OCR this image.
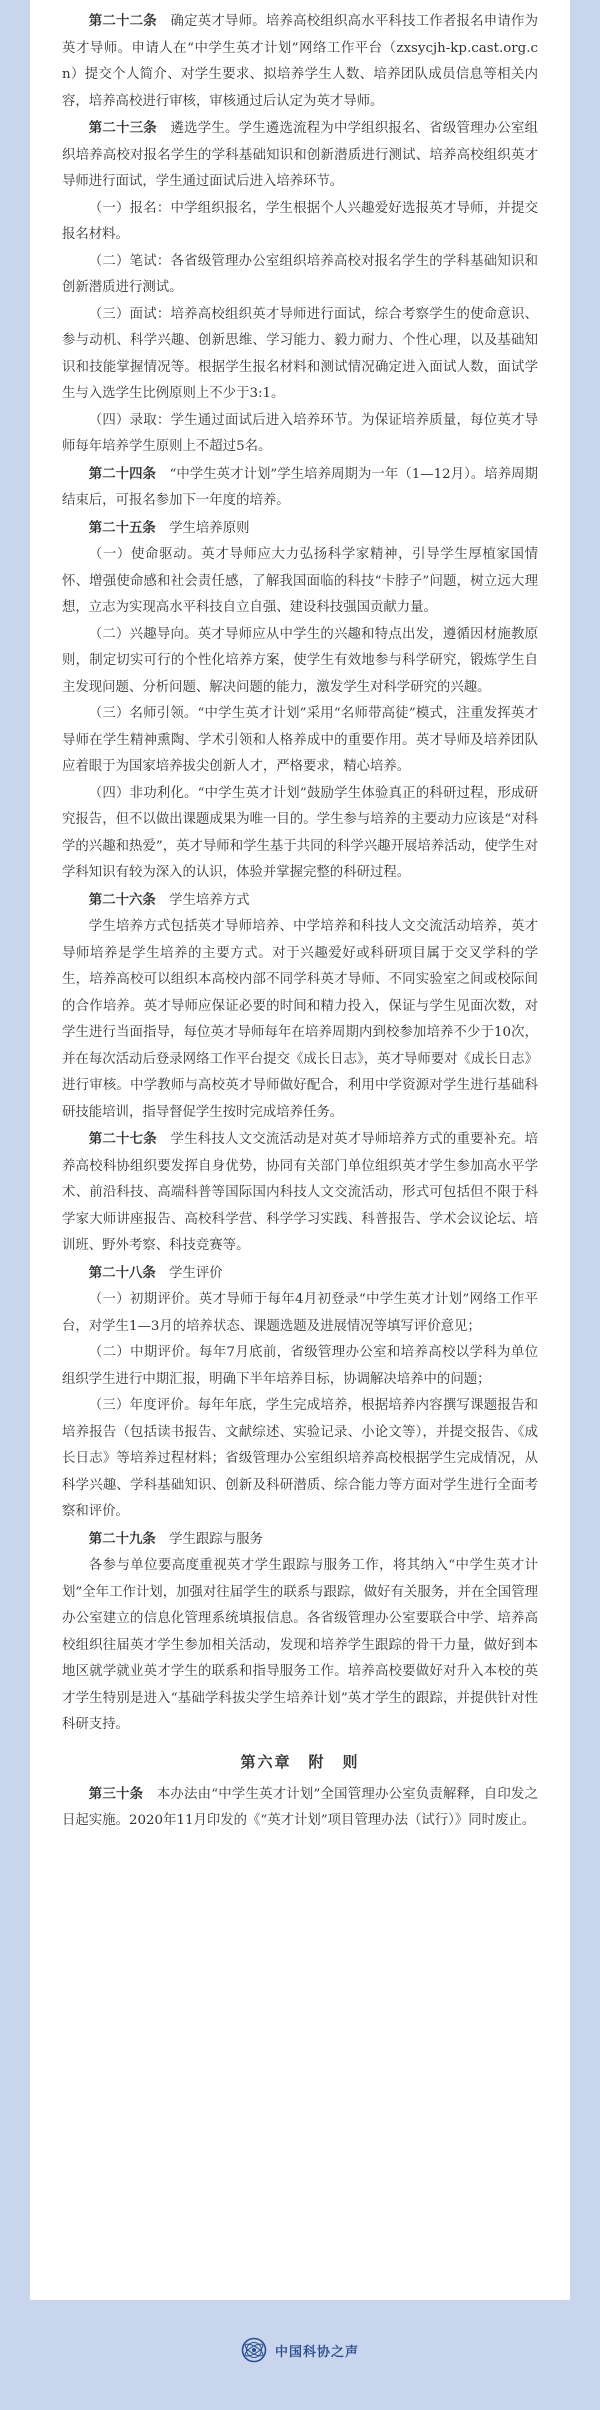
第二十二条　 确定英才导师。培养高校组织高水平科技工作者报名申请作为英才导师。申请人在“中学生英才计划”网络工作平台（zxsycjh-kp.cast.org.cn）提交个人简介、对学生要求、拟培养学生人数、培养团队成员信息等相关内容，培养高校进行审核，审核通过后认定为英才导师。

第二十三条　 遴选学生。学生遴选流程为中学组织报名、省级管理办公室组织培养高校对报名学生的学科基础知识和创新潜质进行测试、培养高校组织英才导师进行面试，学生通过面试后进入培养环节。

（一）报名：中学组织报名，学生根据个人兴趣爱好选报英才导师，并提交报名材料。

（二）笔试：各省级管理办公室组织培养高校对报名学生的学科基础知识和创新潜质进行测试。

（三）面试：培养高校组织英才导师进行面试，综合考察学生的使命意识、参与动机、科学兴趣、创新思维、学习能力、毅力耐力、个性心理，以及基础知识和技能掌握情况等。根据学生报名材料和测试情况确定进入面试人数，面试学生与入选学生比例原则上不少于3:1。

（四）录取：学生通过面试后进入培养环节。为保证培养质量，每位英才导师每年培养学生原则上不超过5名。

第二十四条　 “中学生英才计划”学生培养周期为一年（1—12月）。培养周期结束后，可报名参加下一年度的培养。

第二十五条　 学生培养原则

（一）使命驱动。英才导师应大力弘扬科学家精神，引导学生厚植家国情怀、增强使命感和社会责任感，了解我国面临的科技“卡脖子”问题，树立远大理想，立志为实现高水平科技自立自强、建设科技强国贡献力量。

（二）兴趣导向。英才导师应从中学生的兴趣和特点出发，遵循因材施教原则，制定切实可行的个性化培养方案，使学生有效地参与科学研究，锻炼学生自主发现问题、分析问题、解决问题的能力，激发学生对科学研究的兴趣。

（三）名师引领。“中学生英才计划”采用“名师带高徒”模式，注重发挥英才导师在学生精神熏陶、学术引领和人格养成中的重要作用。英才导师及培养团队应着眼于为国家培养拔尖创新人才，严格要求，精心培养。

（四）非功利化。“中学生英才计划”鼓励学生体验真正的科研过程，形成研究报告，但不以做出课题成果为唯一目的。学生参与培养的主要动力应该是“对科学的兴趣和热爱”，英才导师和学生基于共同的科学兴趣开展培养活动，使学生对学科知识有较为深入的认识，体验并掌握完整的科研过程。

第二十六条　 学生培养方式

学生培养方式包括英才导师培养、中学培养和科技人文交流活动培养，英才导师培养是学生培养的主要方式。对于兴趣爱好或科研项目属于交叉学科的学生，培养高校可以组织本高校内部不同学科英才导师、不同实验室之间或校际间的合作培养。英才导师应保证必要的时间和精力投入，保证与学生见面次数，对学生进行当面指导，每位英才导师每年在培养周期内到校参加培养不少于10次，并在每次活动后登录网络工作平台提交《成长日志》，英才导师要对《成长日志》进行审核。中学教师与高校英才导师做好配合，利用中学资源对学生进行基础科研技能培训，指导督促学生按时完成培养任务。

第二十七条　 学生科技人文交流活动是对英才导师培养方式的重要补充。培养高校科协组织要发挥自身优势，协同有关部门单位组织英才学生参加高水平学术、前沿科技、高端科普等国际国内科技人文交流活动，形式可包括但不限于科学家大师讲座报告、高校科学营、科学学习实践、科普报告、学术会议论坛、培训班、野外考察、科技竞赛等。

第二十八条　 学生评价

（一）初期评价。英才导师于每年4月初登录“中学生英才计划”网络工作平台，对学生1—3月的培养状态、课题选题及进展情况等填写评价意见；

（二）中期评价。每年7月底前，省级管理办公室和培养高校以学科为单位组织学生进行中期汇报，明确下半年培养目标，协调解决培养中的问题；

（三）年度评价。每年年底，学生完成培养，根据培养内容撰写课题报告和培养报告（包括读书报告、文献综述、实验记录、小论文等），并提交报告、《成长日志》等培养过程材料；省级管理办公室组织培养高校根据学生完成情况，从科学兴趣、学科基础知识、创新及科研潜质、综合能力等方面对学生进行全面考察和评价。

第二十九条　 学生跟踪与服务

各参与单位要高度重视英才学生跟踪与服务工作，将其纳入“中学生英才计划”全年工作计划，加强对往届学生的联系与跟踪，做好有关服务，并在全国管理办公室建立的信息化管理系统填报信息。各省级管理办公室要联合中学、培养高校组织往届英才学生参加相关活动，发现和培养学生跟踪的骨干力量，做好到本地区就学就业英才学生的联系和指导服务工作。培养高校要做好对升入本校的英才学生特别是进入“基础学科拔尖学生培养计划”英才学生的跟踪，并提供针对性科研支持。

第六章　附　则

第三十条　 本办法由“中学生英才计划”全国管理办公室负责解释，自印发之日起实施。2020年11月印发的《“英才计划”项目管理办法（试行）》同时废止。

中国科协之声
